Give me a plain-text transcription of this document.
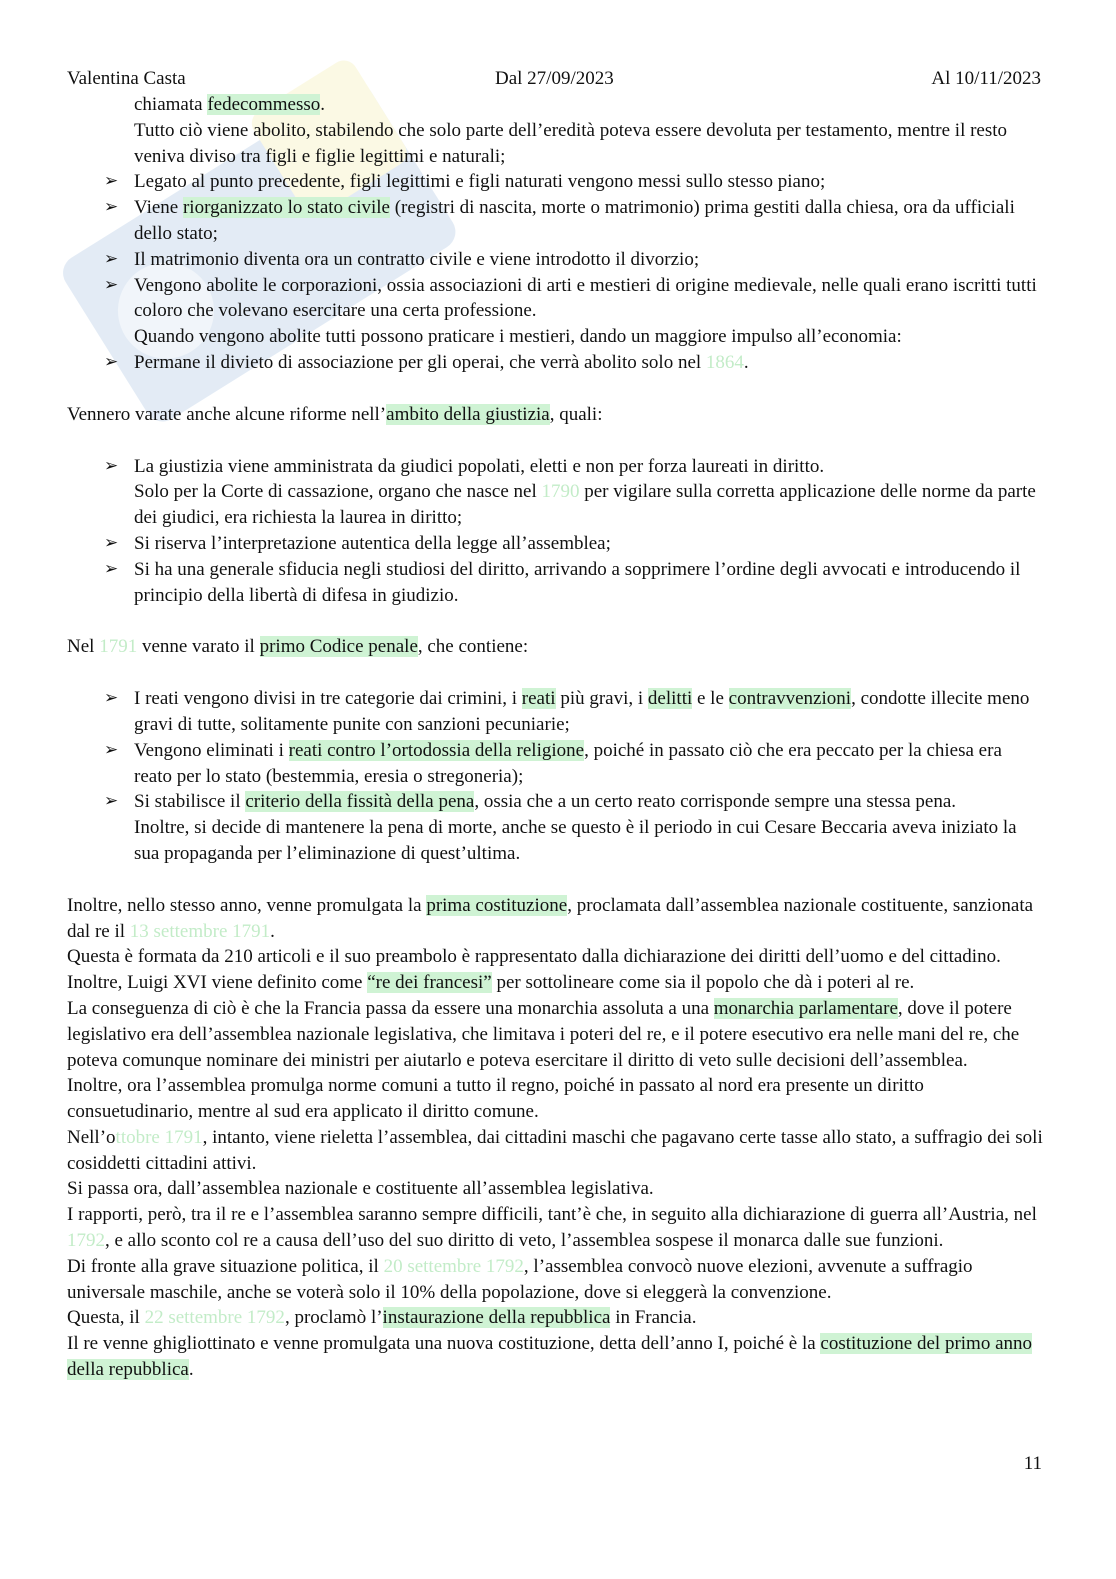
Valentina Casta	Dal 27/09/2023	Al 10/11/2023

chiamata fedecommesso.

Tutto ciò viene abolito, stabilendo che solo parte dell’eredità poteva essere devoluta per testamento, mentre il resto veniva diviso tra figli e figlie legittimi e naturali;

➢ Legato al punto precedente, figli legittimi e figli naturati vengono messi sullo stesso piano;
➢ Viene riorganizzato lo stato civile (registri di nascita, morte o matrimonio) prima gestiti dalla chiesa, ora da ufficiali dello stato;
➢ Il matrimonio diventa ora un contratto civile e viene introdotto il divorzio;
➢ Vengono abolite le corporazioni, ossia associazioni di arti e mestieri di origine medievale, nelle quali erano iscritti tutti coloro che volevano esercitare una certa professione.
Quando vengono abolite tutti possono praticare i mestieri, dando un maggiore impulso all’economia:
➢ Permane il divieto di associazione per gli operai, che verrà abolito solo nel 1864.

Vennero varate anche alcune riforme nell’ambito della giustizia, quali:

➢ La giustizia viene amministrata da giudici popolati, eletti e non per forza laureati in diritto.
Solo per la Corte di cassazione, organo che nasce nel 1790 per vigilare sulla corretta applicazione delle norme da parte dei giudici, era richiesta la laurea in diritto;
➢ Si riserva l’interpretazione autentica della legge all’assemblea;
➢ Si ha una generale sfiducia negli studiosi del diritto, arrivando a sopprimere l’ordine degli avvocati e introducendo il principio della libertà di difesa in giudizio.

Nel 1791 venne varato il primo Codice penale, che contiene:

➢ I reati vengono divisi in tre categorie dai crimini, i reati più gravi, i delitti e le contravvenzioni, condotte illecite meno gravi di tutte, solitamente punite con sanzioni pecuniarie;
➢ Vengono eliminati i reati contro l’ortodossia della religione, poiché in passato ciò che era peccato per la chiesa era reato per lo stato (bestemmia, eresia o stregoneria);
➢ Si stabilisce il criterio della fissità della pena, ossia che a un certo reato corrisponde sempre una stessa pena.
Inoltre, si decide di mantenere la pena di morte, anche se questo è il periodo in cui Cesare Beccaria aveva iniziato la sua propaganda per l’eliminazione di quest’ultima.

Inoltre, nello stesso anno, venne promulgata la prima costituzione, proclamata dall’assemblea nazionale costituente, sanzionata dal re il 13 settembre 1791.

Questa è formata da 210 articoli e il suo preambolo è rappresentato dalla dichiarazione dei diritti dell’uomo e del cittadino.

Inoltre, Luigi XVI viene definito come “re dei francesi” per sottolineare come sia il popolo che dà i poteri al re.

La conseguenza di ciò è che la Francia passa da essere una monarchia assoluta a una monarchia parlamentare, dove il potere legislativo era dell’assemblea nazionale legislativa, che limitava i poteri del re, e il potere esecutivo era nelle mani del re, che poteva comunque nominare dei ministri per aiutarlo e poteva esercitare il diritto di veto sulle decisioni dell’assemblea.

Inoltre, ora l’assemblea promulga norme comuni a tutto il regno, poiché in passato al nord era presente un diritto consuetudinario, mentre al sud era applicato il diritto comune.

Nell’ottobre 1791, intanto, viene rieletta l’assemblea, dai cittadini maschi che pagavano certe tasse allo stato, a suffragio dei soli cosiddetti cittadini attivi.

Si passa ora, dall’assemblea nazionale e costituente all’assemblea legislativa.

I rapporti, però, tra il re e l’assemblea saranno sempre difficili, tant’è che, in seguito alla dichiarazione di guerra all’Austria, nel 1792, e allo sconto col re a causa dell’uso del suo diritto di veto, l’assemblea sospese il monarca dalle sue funzioni.

Di fronte alla grave situazione politica, il 20 settembre 1792, l’assemblea convocò nuove elezioni, avvenute a suffragio universale maschile, anche se voterà solo il 10% della popolazione, dove si eleggerà la convenzione.

Questa, il 22 settembre 1792, proclamò l’instaurazione della repubblica in Francia.

Il re venne ghigliottinato e venne promulgata una nuova costituzione, detta dell’anno I, poiché è la costituzione del primo anno della repubblica.

11
